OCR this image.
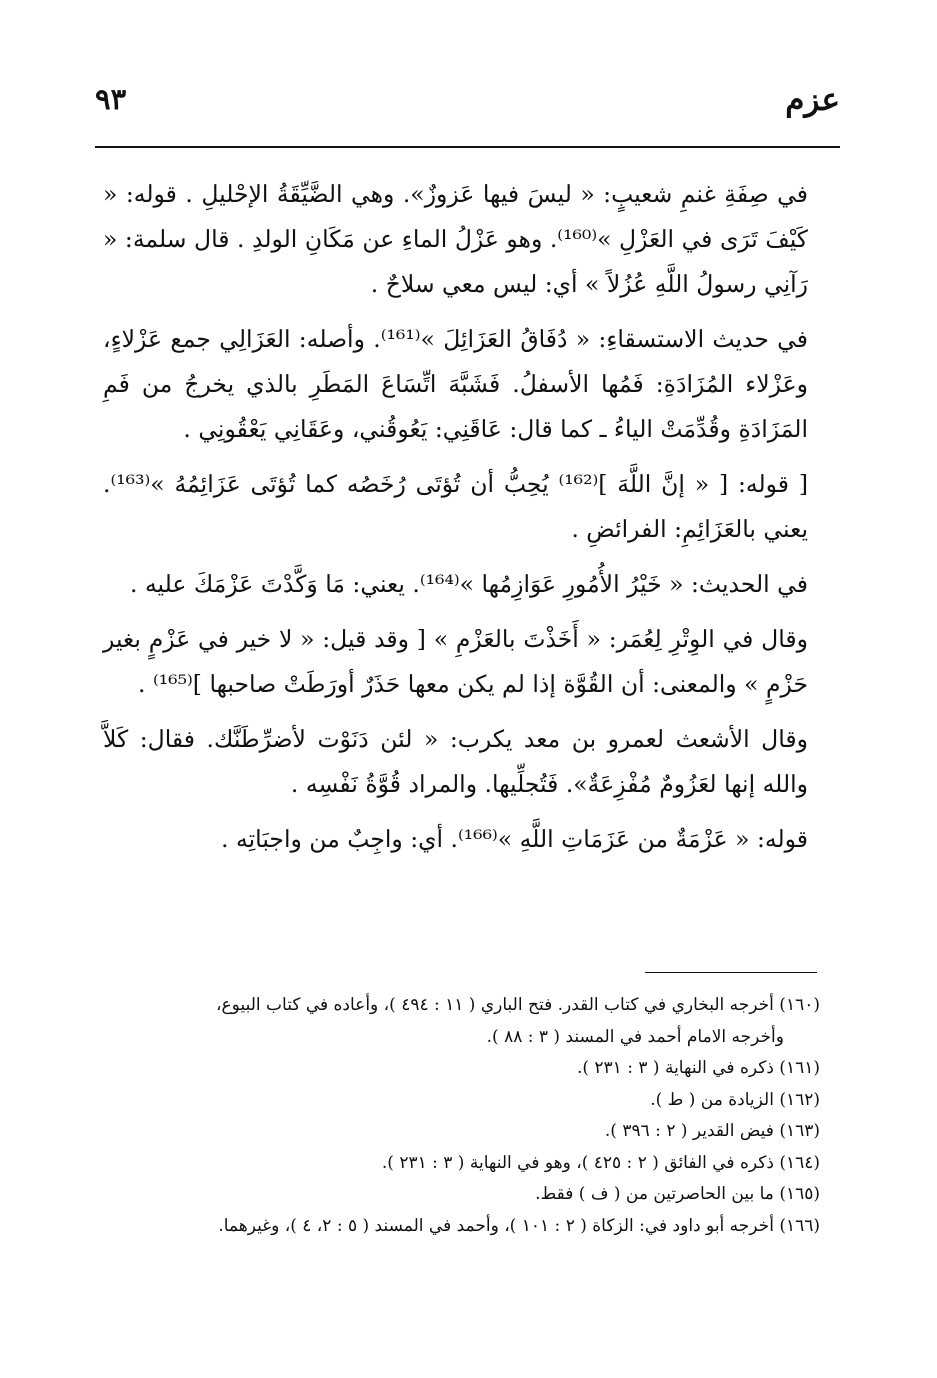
عزم
٩٣

في صِفَةِ غنمِ شعيبٍ: « ليسَ فيها عَزوزٌ». وهي الضَّيِّقَةُ الإحْليلِ . قوله: « كَيْفَ تَرَى في العَزْلِ »⁽¹⁶⁰⁾. وهو عَزْلُ الماءِ عن مَكَانِ الولدِ . قال سلمة: « رَآنِي رسولُ اللَّهِ عُزُلاً » أي: ليس معي سلاحٌ .

في حديث الاستسقاءِ: « دُفَاقُ العَزَائِلَ »⁽¹⁶¹⁾. وأصله: العَزَالِي جمع عَزْلاءٍ، وعَزْلاء المُزَادَةِ: فَمُها الأسفلُ. فَشَبَّهَ اتِّسَاعَ المَطَرِ بالذي يخرجُ من فَمِ المَزَادَةِ وقُدِّمَتْ الياءُ ـ كما قال: عَاقَنِي: يَعُوقُني، وعَقَانِي يَعْقُونِي .

[ قوله: [ « إنَّ اللَّهَ ]⁽¹⁶²⁾ يُحِبُّ أن تُؤتَى رُخَصُه كما تُؤتَى عَزَائِمُهُ »⁽¹⁶³⁾. يعني بالعَزَائِمِ: الفرائضِ .

في الحديث: « خَيْرُ الأُمُورِ عَوَازِمُها »⁽¹⁶⁴⁾. يعني: مَا وَكَّدْتَ عَزْمَكَ عليه .

وقال في الوِتْرِ لِعُمَر: « أَخَذْتَ بالعَزْمِ » [ وقد قيل: « لا خير في عَزْمٍ بغير حَزْمٍ » والمعنى: أن القُوَّة إذا لم يكن معها حَذَرٌ أورَطَتْ صاحبها ]⁽¹⁶⁵⁾ .

وقال الأشعث لعمرو بن معد يكرب: « لئن دَنَوْت لأضرِّطَنَّك. فقال: كَلاَّ والله إنها لعَزُومٌ مُفْزِعَةٌ». فَتُجلِّيها. والمراد قُوَّةُ نَفْسِه .

قوله: « عَزْمَةٌ من عَزَمَاتِ اللَّهِ »⁽¹⁶⁶⁾. أي: واجِبٌ من واجبَاتِه .

(١٦٠) أخرجه البخاري في كتاب القدر. فتح الباري ( ١١ : ٤٩٤ )، وأعاده في كتاب البيوع،

وأخرجه الامام أحمد في المسند ( ٣ : ٨٨ ).

(١٦١) ذكره في النهاية ( ٣ : ٢٣١ ).

(١٦٢) الزيادة من ( ط ).

(١٦٣) فيض القدير ( ٢ : ٣٩٦ ).

(١٦٤) ذكره في الفائق ( ٢ : ٤٢٥ )، وهو في النهاية ( ٣ : ٢٣١ ).

(١٦٥) ما بين الحاصرتين من ( ف ) فقط.

(١٦٦) أخرجه أبو داود في: الزكاة ( ٢ : ١٠١ )، وأحمد في المسند ( ٥ : ٢، ٤ )، وغيرهما.
